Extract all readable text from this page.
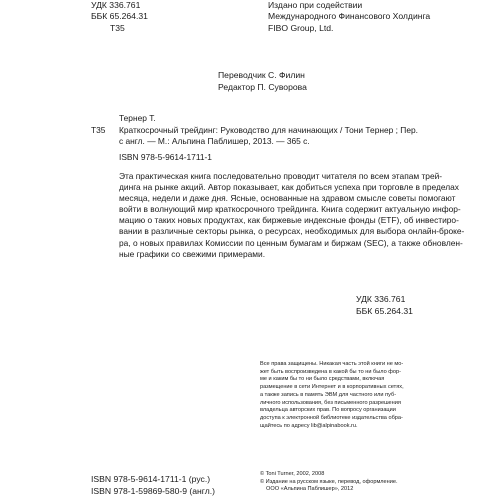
УДК 336.761
ББК 65.264.31
Т35
Издано при содействии
Международного Финансового Холдинга
FIBO Group, Ltd.
Переводчик С. Филин
Редактор П. Суворова
Тернер Т.
Т35 Краткосрочный трейдинг: Руководство для начинающих / Тони Тернер ; Пер.
с англ. — М.: Альпина Паблишер, 2013. — 365 с.
ISBN 978-5-9614-1711-1
Эта практическая книга последовательно проводит читателя по всем этапам трей-
динга на рынке акций. Автор показывает, как добиться успеха при торговле в пределах
месяца, недели и даже дня. Ясные, основанные на здравом смысле советы помогают
войти в волнующий мир краткосрочного трейдинга. Книга содержит актуальную инфор-
мацию о таких новых продуктах, как биржевые индексные фонды (ETF), об инвестиро-
вании в различные секторы рынка, о ресурсах, необходимых для выбора онлайн-броке-
ра, о новых правилах Комиссии по ценным бумагам и биржам (SEC), а также обновлен-
ные графики со свежими примерами.
УДК 336.761
ББК 65.264.31
Все права защищены. Никакая часть этой книги не мо-
жет быть воспроизведена в какой бы то ни было фор-
ме и каким бы то ни было средствами, включая
размещение в сети Интернет и в корпоративных сетях,
а также запись в память ЭВМ для частного или пуб-
личного использования, без письменного разрешения
владельца авторских прав. По вопросу организации
доступа к электронной библиотеке издательства обра-
щайтесь по адресу lib@alpinabook.ru.
ISBN 978-5-9614-1711-1 (рус.)
ISBN 978-1-59869-580-9 (англ.)
© Toni Turner, 2002, 2008
© Издание на русском языке, перевод, оформление.
ООО «Альпина Паблишер», 2012
